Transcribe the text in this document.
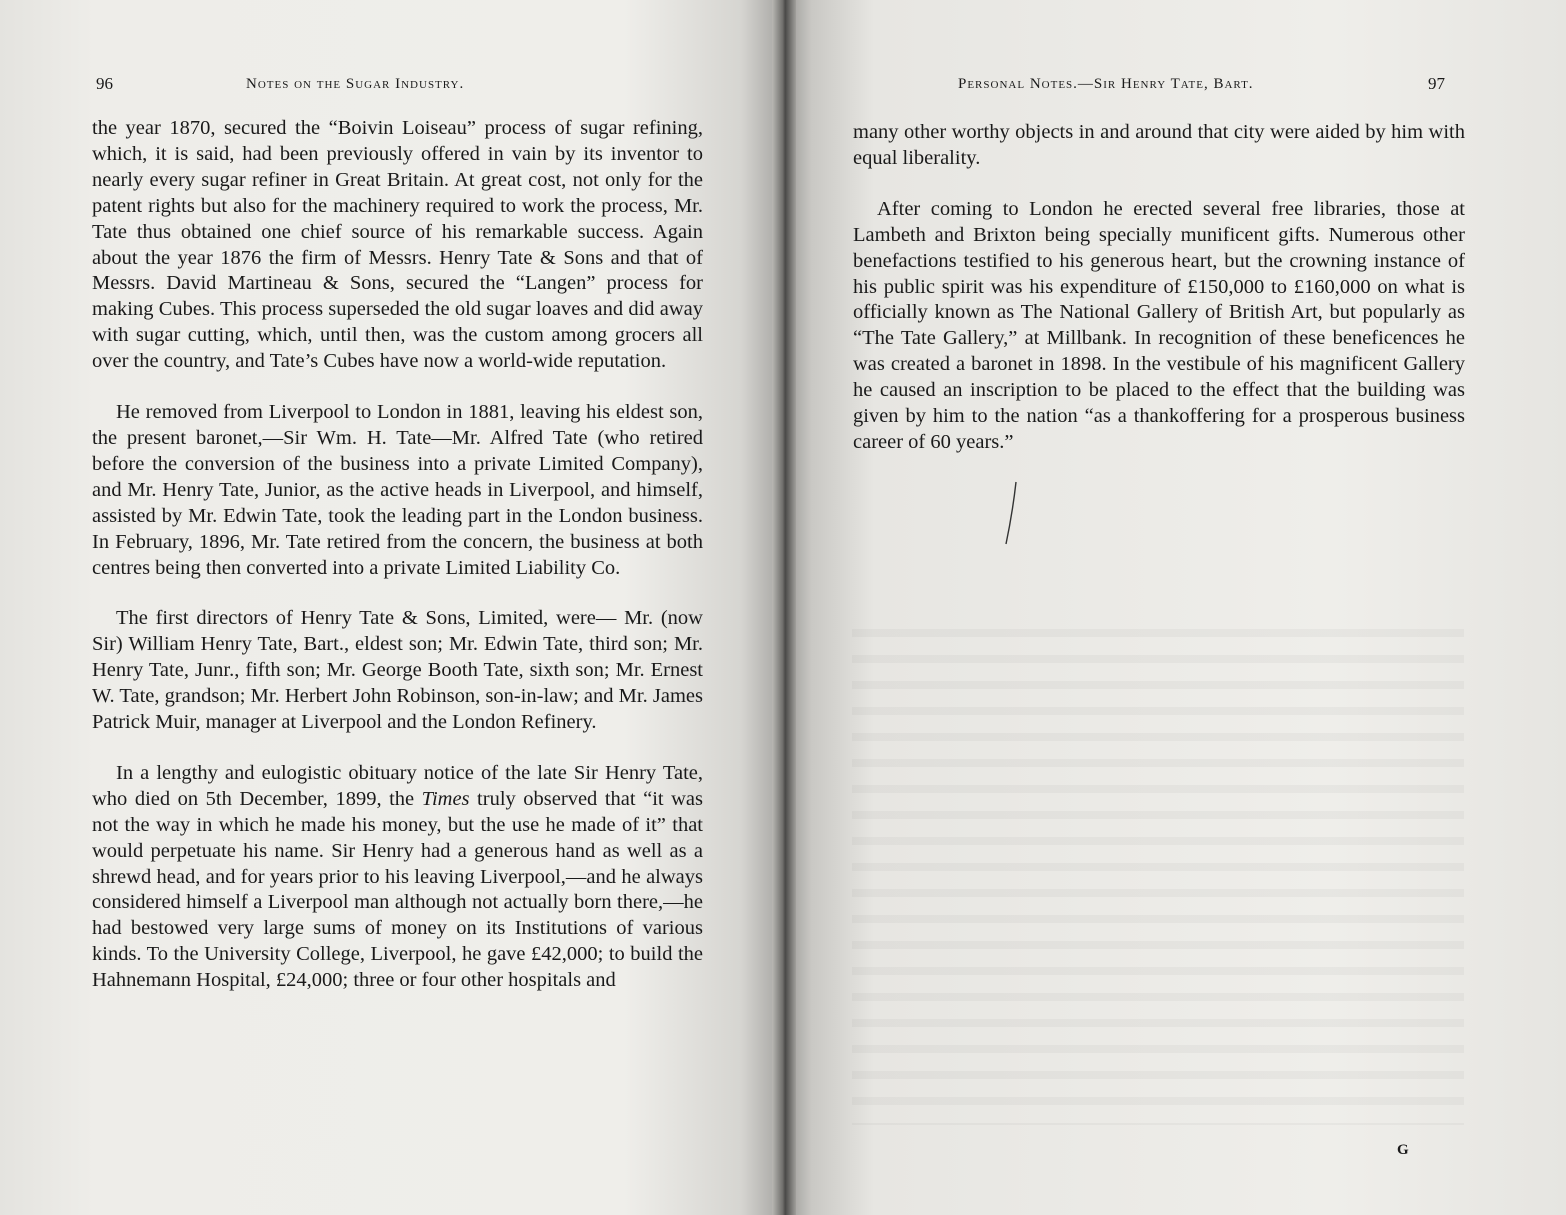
96	Notes on the Sugar Industry.

the year 1870, secured the “Boivin Loiseau” process of sugar refining, which, it is said, had been previously offered in vain by its inventor to nearly every sugar refiner in Great Britain. At great cost, not only for the patent rights but also for the machinery required to work the process, Mr. Tate thus obtained one chief source of his remarkable success. Again about the year 1876 the firm of Messrs. Henry Tate & Sons and that of Messrs. David Martineau & Sons, secured the “Langen” process for making Cubes. This process superseded the old sugar loaves and did away with sugar cutting, which, until then, was the custom among grocers all over the country, and Tate’s Cubes have now a world-wide reputation.

He removed from Liverpool to London in 1881, leaving his eldest son, the present baronet,—Sir Wm. H. Tate—Mr. Alfred Tate (who retired before the conversion of the business into a private Limited Company), and Mr. Henry Tate, Junior, as the active heads in Liverpool, and himself, assisted by Mr. Edwin Tate, took the leading part in the London business. In February, 1896, Mr. Tate retired from the concern, the business at both centres being then converted into a private Limited Liability Co.

The first directors of Henry Tate & Sons, Limited, were— Mr. (now Sir) William Henry Tate, Bart., eldest son; Mr. Edwin Tate, third son; Mr. Henry Tate, Junr., fifth son; Mr. George Booth Tate, sixth son; Mr. Ernest W. Tate, grandson; Mr. Herbert John Robinson, son-in-law; and Mr. James Patrick Muir, manager at Liverpool and the London Refinery.

In a lengthy and eulogistic obituary notice of the late Sir Henry Tate, who died on 5th December, 1899, the Times truly observed that “it was not the way in which he made his money, but the use he made of it” that would perpetuate his name. Sir Henry had a generous hand as well as a shrewd head, and for years prior to his leaving Liverpool,—and he always considered himself a Liverpool man although not actually born there,—he had bestowed very large sums of money on its Institutions of various kinds. To the University College, Liverpool, he gave £42,000; to build the Hahnemann Hospital, £24,000; three or four other hospitals and

Personal Notes.—Sir Henry Tate, Bart.	97

many other worthy objects in and around that city were aided by him with equal liberality.

After coming to London he erected several free libraries, those at Lambeth and Brixton being specially munificent gifts. Numerous other benefactions testified to his generous heart, but the crowning instance of his public spirit was his expenditure of £150,000 to £160,000 on what is officially known as The National Gallery of British Art, but popularly as “The Tate Gallery,” at Millbank. In recognition of these beneficences he was created a baronet in 1898. In the vestibule of his magnificent Gallery he caused an inscription to be placed to the effect that the building was given by him to the nation “as a thankoffering for a prosperous business career of 60 years.”

G
